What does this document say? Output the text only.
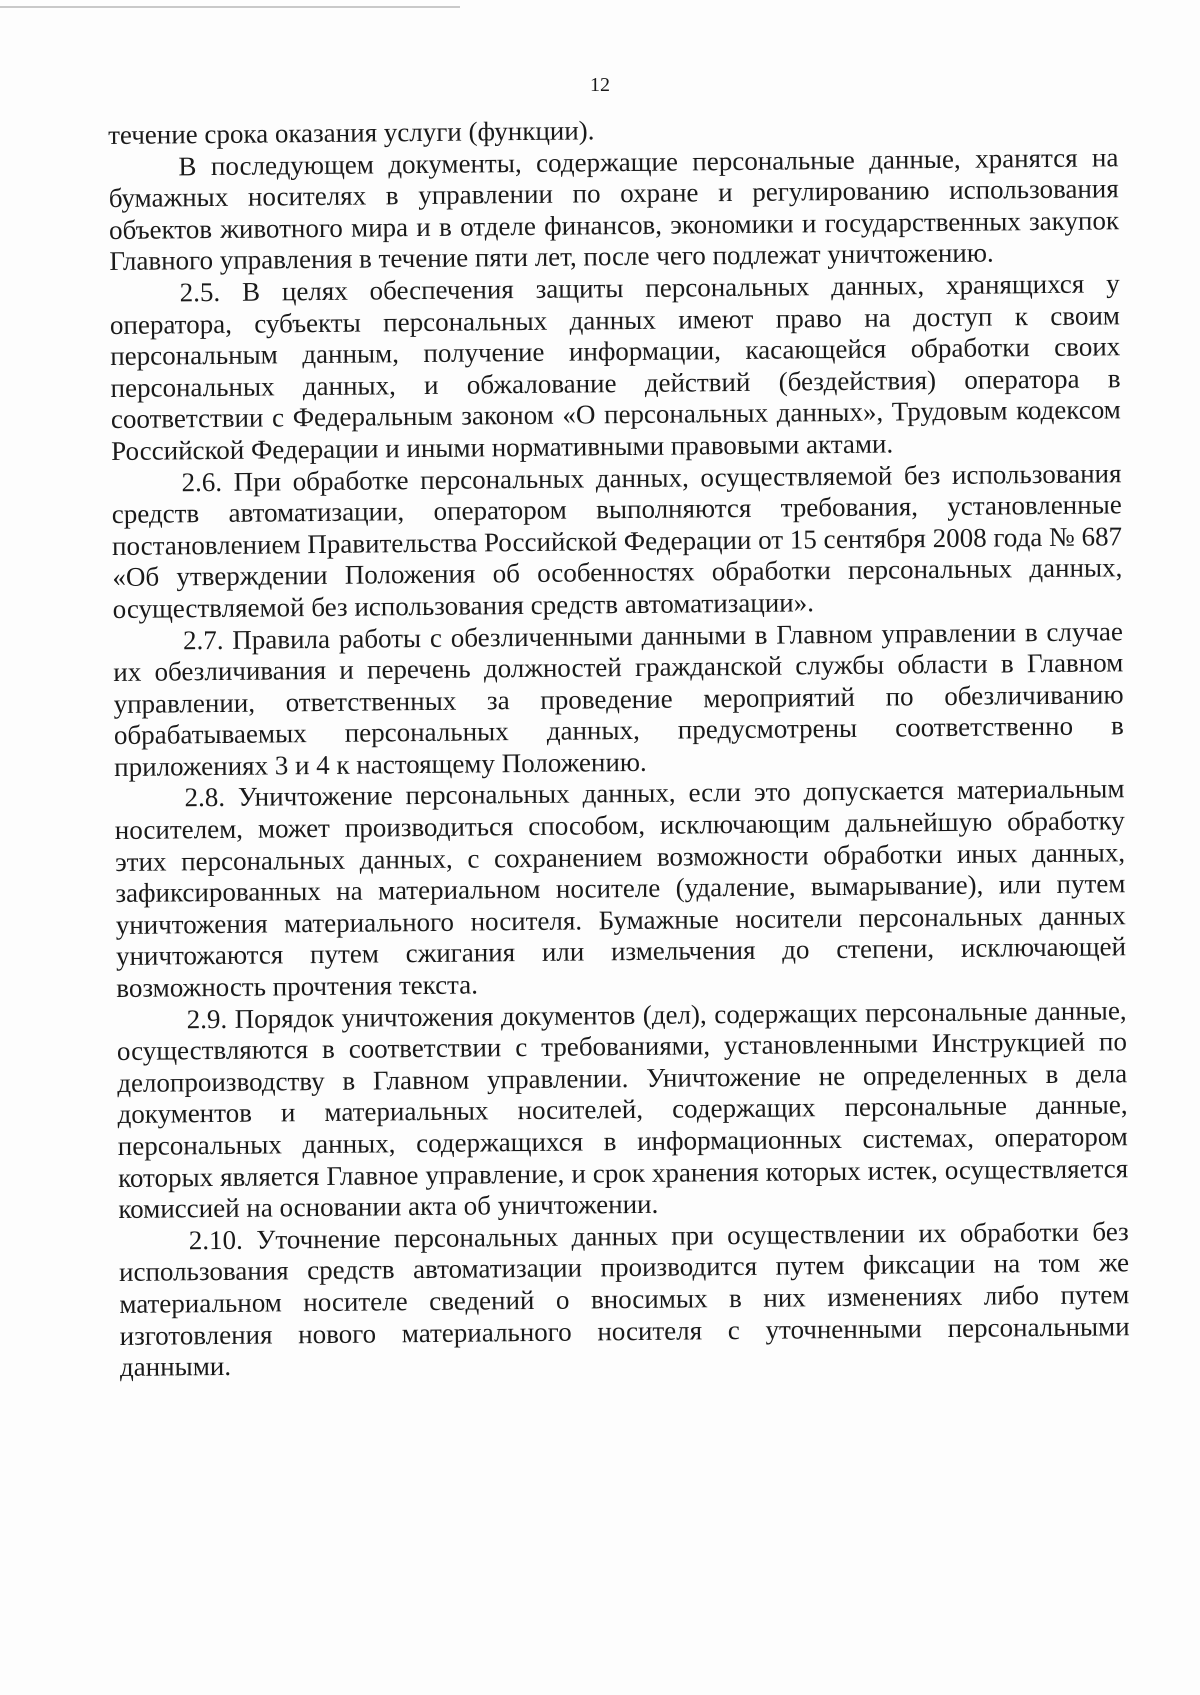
12

течение срока оказания услуги (функции).

В последующем документы, содержащие персональные данные, хранятся на бумажных носителях в управлении по охране и регулированию использования объектов животного мира и в отделе финансов, экономики и государственных закупок Главного управления в течение пяти лет, после чего подлежат уничтожению.

2.5. В целях обеспечения защиты персональных данных, хранящихся у оператора, субъекты персональных данных имеют право на доступ к своим персональным данным, получение информации, касающейся обработки своих персональных данных, и обжалование действий (бездействия) оператора в соответствии с Федеральным законом «О персональных данных», Трудовым кодексом Российской Федерации и иными нормативными правовыми актами.

2.6. При обработке персональных данных, осуществляемой без использования средств автоматизации, оператором выполняются требования, установленные постановлением Правительства Российской Федерации от 15 сентября 2008 года № 687 «Об утверждении Положения об особенностях обработки персональных данных, осуществляемой без использования средств автоматизации».

2.7. Правила работы с обезличенными данными в Главном управлении в случае их обезличивания и перечень должностей гражданской службы области в Главном управлении, ответственных за проведение мероприятий по обезличиванию обрабатываемых персональных данных, предусмотрены соответственно в приложениях 3 и 4 к настоящему Положению.

2.8. Уничтожение персональных данных, если это допускается материальным носителем, может производиться способом, исключающим дальнейшую обработку этих персональных данных, с сохранением возможности обработки иных данных, зафиксированных на материальном носителе (удаление, вымарывание), или путем уничтожения материального носителя. Бумажные носители персональных данных уничтожаются путем сжигания или измельчения до степени, исключающей возможность прочтения текста.

2.9. Порядок уничтожения документов (дел), содержащих персональные данные, осуществляются в соответствии с требованиями, установленными Инструкцией по делопроизводству в Главном управлении. Уничтожение не определенных в дела документов и материальных носителей, содержащих персональные данные, персональных данных, содержащихся в информационных системах, оператором которых является Главное управление, и срок хранения которых истек, осуществляется комиссией на основании акта об уничтожении.

2.10. Уточнение персональных данных при осуществлении их обработки без использования средств автоматизации производится путем фиксации на том же материальном носителе сведений о вносимых в них изменениях либо путем изготовления нового материального носителя с уточненными персональными данными.
